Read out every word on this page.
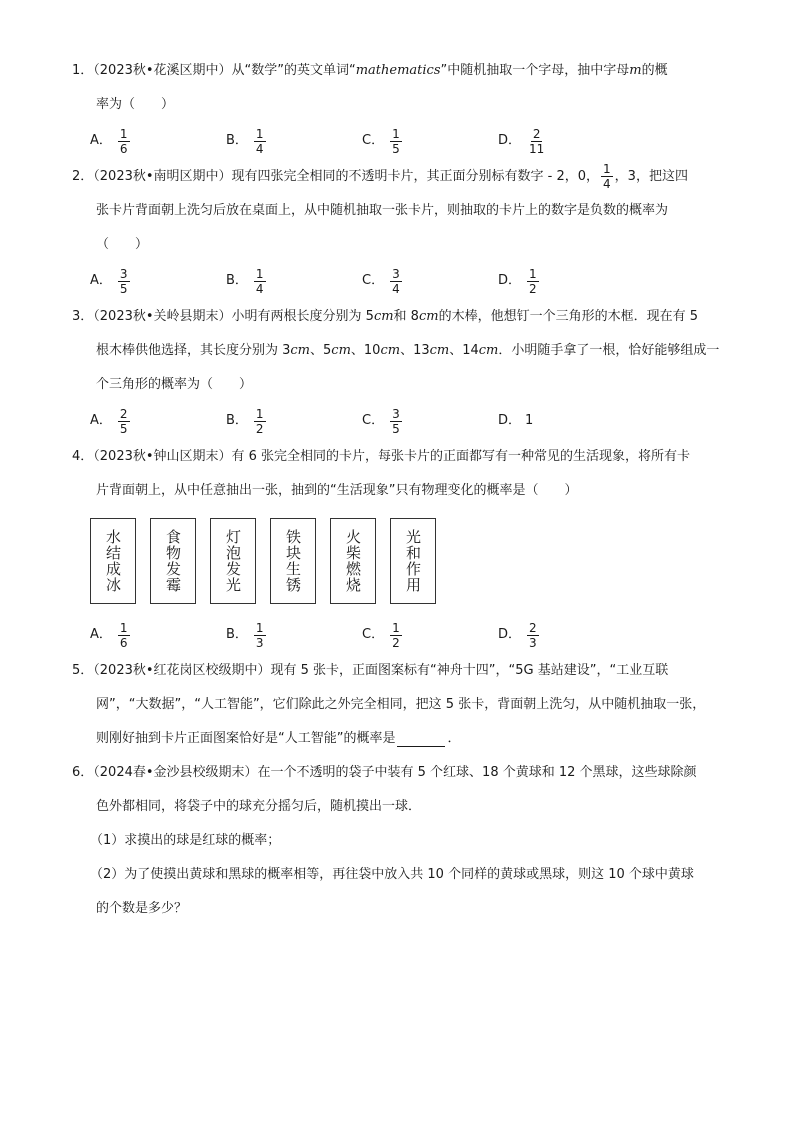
1．（2023秋•花溪区期中）从“数学”的英文单词“mathematics”中随机抽取一个字母，抽中字母m的概
率为（　　）
A． $\frac{1}{6}$	B． $\frac{1}{4}$	C． $\frac{1}{5}$	D． $\frac{2}{11}$
2．（2023秋•南明区期中）现有四张完全相同的不透明卡片，其正面分别标有数字 - 2，0， $\frac{1}{4}$ ，3，把这四
张卡片背面朝上洗匀后放在桌面上，从中随机抽取一张卡片，则抽取的卡片上的数字是负数的概率为
（　　）
A． $\frac{3}{5}$	B． $\frac{1}{4}$	C． $\frac{3}{4}$	D． $\frac{1}{2}$
3．（2023秋•关岭县期末）小明有两根长度分别为 5cm和 8cm的木棒，他想钉一个三角形的木框．现在有 5
根木棒供他选择，其长度分别为 3cm、5cm、10cm、13cm、14cm．小明随手拿了一根，恰好能够组成一
个三角形的概率为（　　）
A． $\frac{2}{5}$	B． $\frac{1}{2}$	C． $\frac{3}{5}$	D． 1
4．（2023秋•钟山区期末）有 6 张完全相同的卡片，每张卡片的正面都写有一种常见的生活现象，将所有卡
片背面朝上，从中任意抽出一张，抽到的“生活现象”只有物理变化的概率是（　　）
水结成冰	食物发霉	灯泡发光	铁块生锈	火柴燃烧	光和作用
A． $\frac{1}{6}$	B． $\frac{1}{3}$	C． $\frac{1}{2}$	D． $\frac{2}{3}$
5．（2023秋•红花岗区校级期中）现有 5 张卡，正面图案标有“神舟十四”，“5G 基站建设”，“工业互联
网”，“大数据”，“人工智能”，它们除此之外完全相同，把这 5 张卡，背面朝上洗匀，从中随机抽取一张，
则刚好抽到卡片正面图案恰好是“人工智能”的概率是	．
6．（2024春•金沙县校级期末）在一个不透明的袋子中装有 5 个红球、18 个黄球和 12 个黑球，这些球除颜
色外都相同，将袋子中的球充分摇匀后，随机摸出一球．
（1）求摸出的球是红球的概率；
（2）为了使摸出黄球和黑球的概率相等，再往袋中放入共 10 个同样的黄球或黑球，则这 10 个球中黄球
的个数是多少？
